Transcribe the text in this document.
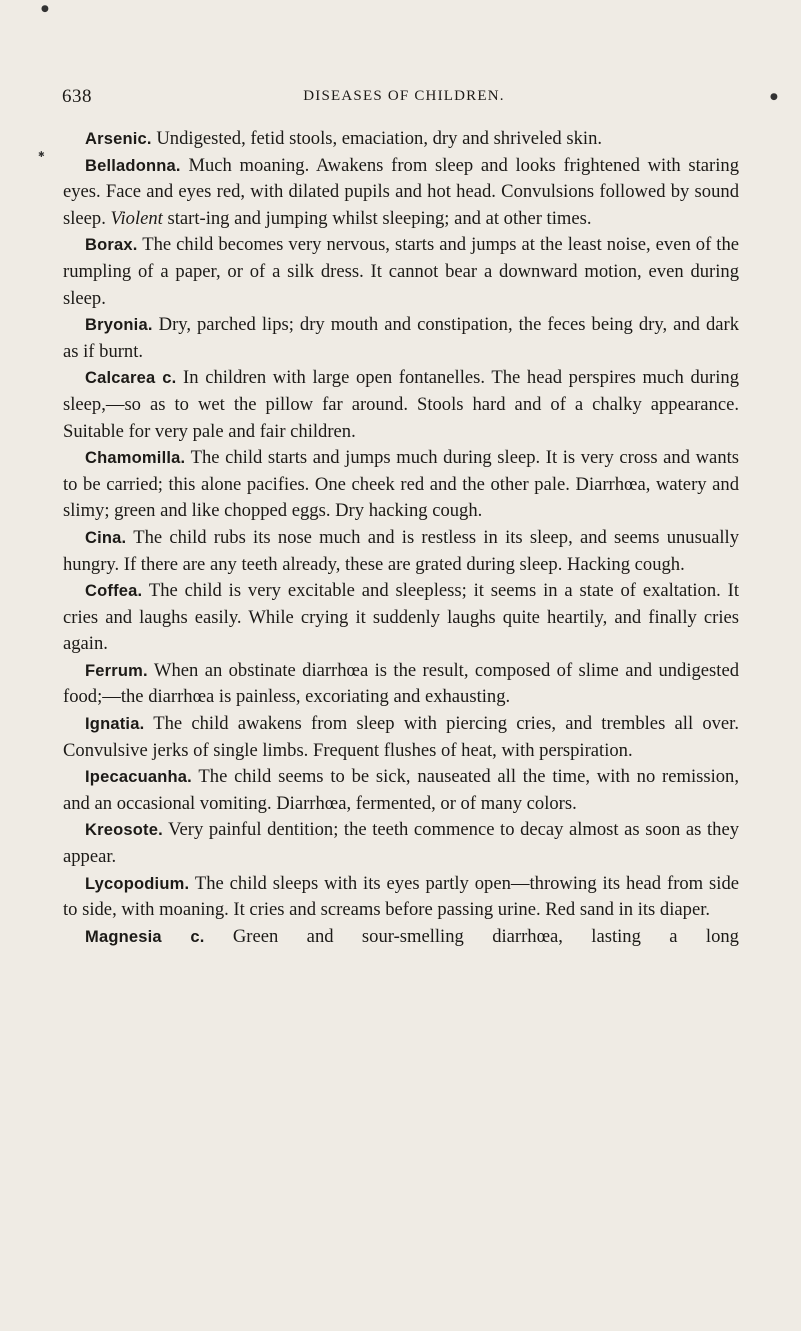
●
●
✱
638	DISEASES OF CHILDREN.

Arsenic. Undigested, fetid stools, emaciation, dry and shriveled skin.

Belladonna. Much moaning. Awakens from sleep and looks frightened with staring eyes. Face and eyes red, with dilated pupils and hot head. Convulsions followed by sound sleep. Violent start-ing and jumping whilst sleeping; and at other times.

Borax. The child becomes very nervous, starts and jumps at the least noise, even of the rumpling of a paper, or of a silk dress. It cannot bear a downward motion, even during sleep.

Bryonia. Dry, parched lips; dry mouth and constipation, the feces being dry, and dark as if burnt.

Calcarea c. In children with large open fontanelles. The head perspires much during sleep,—so as to wet the pillow far around. Stools hard and of a chalky appearance. Suitable for very pale and fair children.

Chamomilla. The child starts and jumps much during sleep. It is very cross and wants to be carried; this alone pacifies. One cheek red and the other pale. Diarrhœa, watery and slimy; green and like chopped eggs. Dry hacking cough.

Cina. The child rubs its nose much and is restless in its sleep, and seems unusually hungry. If there are any teeth already, these are grated during sleep. Hacking cough.

Coffea. The child is very excitable and sleepless; it seems in a state of exaltation. It cries and laughs easily. While crying it suddenly laughs quite heartily, and finally cries again.

Ferrum. When an obstinate diarrhœa is the result, composed of slime and undigested food;—the diarrhœa is painless, excoriating and exhausting.

Ignatia. The child awakens from sleep with piercing cries, and trembles all over. Convulsive jerks of single limbs. Frequent flushes of heat, with perspiration.

Ipecacuanha. The child seems to be sick, nauseated all the time, with no remission, and an occasional vomiting. Diarrhœa, fermented, or of many colors.

Kreosote. Very painful dentition; the teeth commence to decay almost as soon as they appear.

Lycopodium. The child sleeps with its eyes partly open—throwing its head from side to side, with moaning. It cries and screams before passing urine. Red sand in its diaper.

Magnesia c. Green and sour-smelling diarrhœa, lasting a long
